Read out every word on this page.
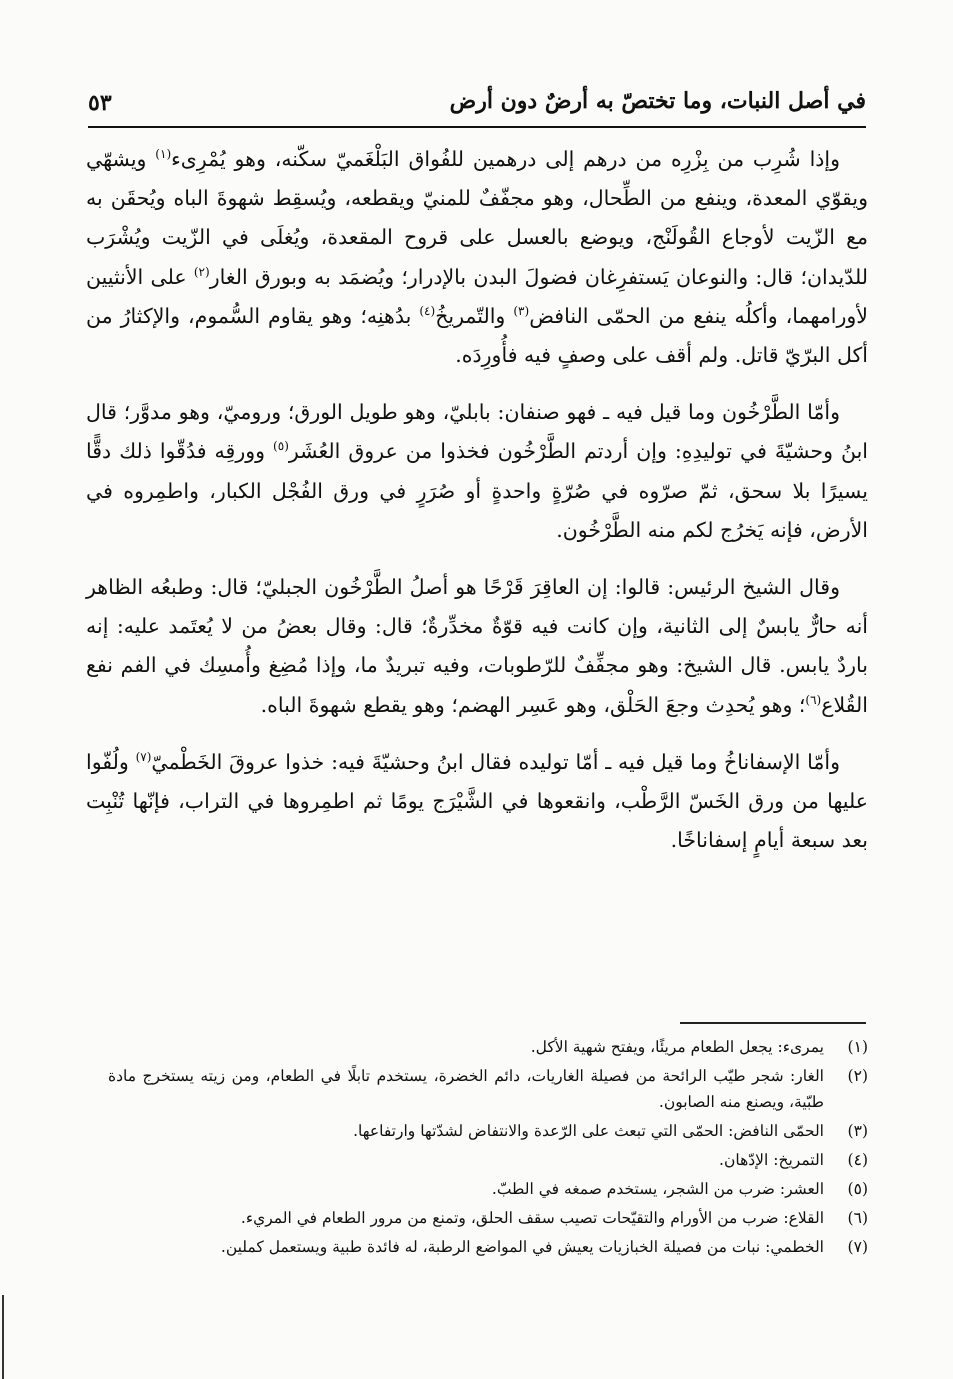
في أصل النبات، وما تختصّ به أرضٌ دون أرض
٥٣

وإذا شُرِب من بِزْرِه من درهم إلى درهمين للفُواق البَلْغَميّ سكّنه، وهو يُمْرِىء$^{(١)}$ ويشهّي ويقوّي المعدة، وينفع من الطِّحال، وهو مجفّفٌ للمنيّ ويقطعه، ويُسقِط شهوةَ الباه ويُحقَن به مع الزّيت لأوجاع القُولَنْج، ويوضع بالعسل على قروح المقعدة، ويُغلَى في الزّيت ويُشْرَب للدّيدان؛ قال: والنوعان يَستفرِغان فضولَ البدن بالإدرار؛ ويُضمَد به وبورق الغار$^{(٢)}$ على الأنثيين لأورامهما، وأكلُه ينفع من الحمّى النافض$^{(٣)}$ والتّمريخُ$^{(٤)}$ بدُهنِه؛ وهو يقاوم السُّموم، والإكثارُ من أكل البرّيّ قاتل. ولم أقف على وصفٍ فيه فأُورِدَه.

وأمّا الطَّرْخُون وما قيل فيه ـ فهو صنفان: بابليّ، وهو طويل الورق؛ وروميّ، وهو مدوَّر؛ قال ابنُ وحشيّةَ في توليدِهِ: وإن أردتم الطَّرْخُون فخذوا من عروق العُشَر$^{(٥)}$ وورقِه فدُقّوا ذلك دقًّا يسيرًا بلا سحق، ثمّ صرّوه في صُرّةٍ واحدةٍ أو صُرَرٍ في ورق الفُجْل الكبار، واطمِروه في الأرض، فإنه يَخرُج لكم منه الطَّرْخُون.

وقال الشيخ الرئيس: قالوا: إن العاقِرَ قَرْحًا هو أصلُ الطَّرْخُون الجبليّ؛ قال: وطبعُه الظاهر أنه حارٌّ يابسٌ إلى الثانية، وإن كانت فيه قوّةٌ مخدِّرةٌ؛ قال: وقال بعضُ من لا يُعتَمد عليه: إنه باردٌ يابس. قال الشيخ: وهو مجفِّفٌ للرّطوبات، وفيه تبريدٌ ما، وإذا مُضِغ وأُمسِك في الفم نفع القُلاع$^{(٦)}$؛ وهو يُحدِث وجعَ الحَلْق، وهو عَسِر الهضم؛ وهو يقطع شهوةَ الباه.

وأمّا الإسفاناخُ وما قيل فيه ـ أمّا توليده فقال ابنُ وحشيّةَ فيه: خذوا عروقَ الخَطْميّ$^{(٧)}$ ولُفّوا عليها من ورق الخَسّ الرَّطْب، وانقعوها في الشَّيْرَج يومًا ثم اطمِروها في التراب، فإنّها تُنْبِت بعد سبعة أيامٍ إسفاناخًا.

(١)
يمرىء: يجعل الطعام مريئًا، ويفتح شهية الأكل.
(٢)
الغار: شجر طيّب الرائحة من فصيلة الغاريات، دائم الخضرة، يستخدم تابلًا في الطعام، ومن زيته يستخرج مادة طبّية، ويصنع منه الصابون.
(٣)
الحمّى النافض: الحمّى التي تبعث على الرّعدة والانتفاض لشدّتها وارتفاعها.
(٤)
التمريخ: الإدّهان.
(٥)
العشر: ضرب من الشجر، يستخدم صمغه في الطبّ.
(٦)
القلاع: ضرب من الأورام والتقيّحات تصيب سقف الحلق، وتمنع من مرور الطعام في المريء.
(٧)
الخطمي: نبات من فصيلة الخبازيات يعيش في المواضع الرطبة، له فائدة طبية ويستعمل كملين.
